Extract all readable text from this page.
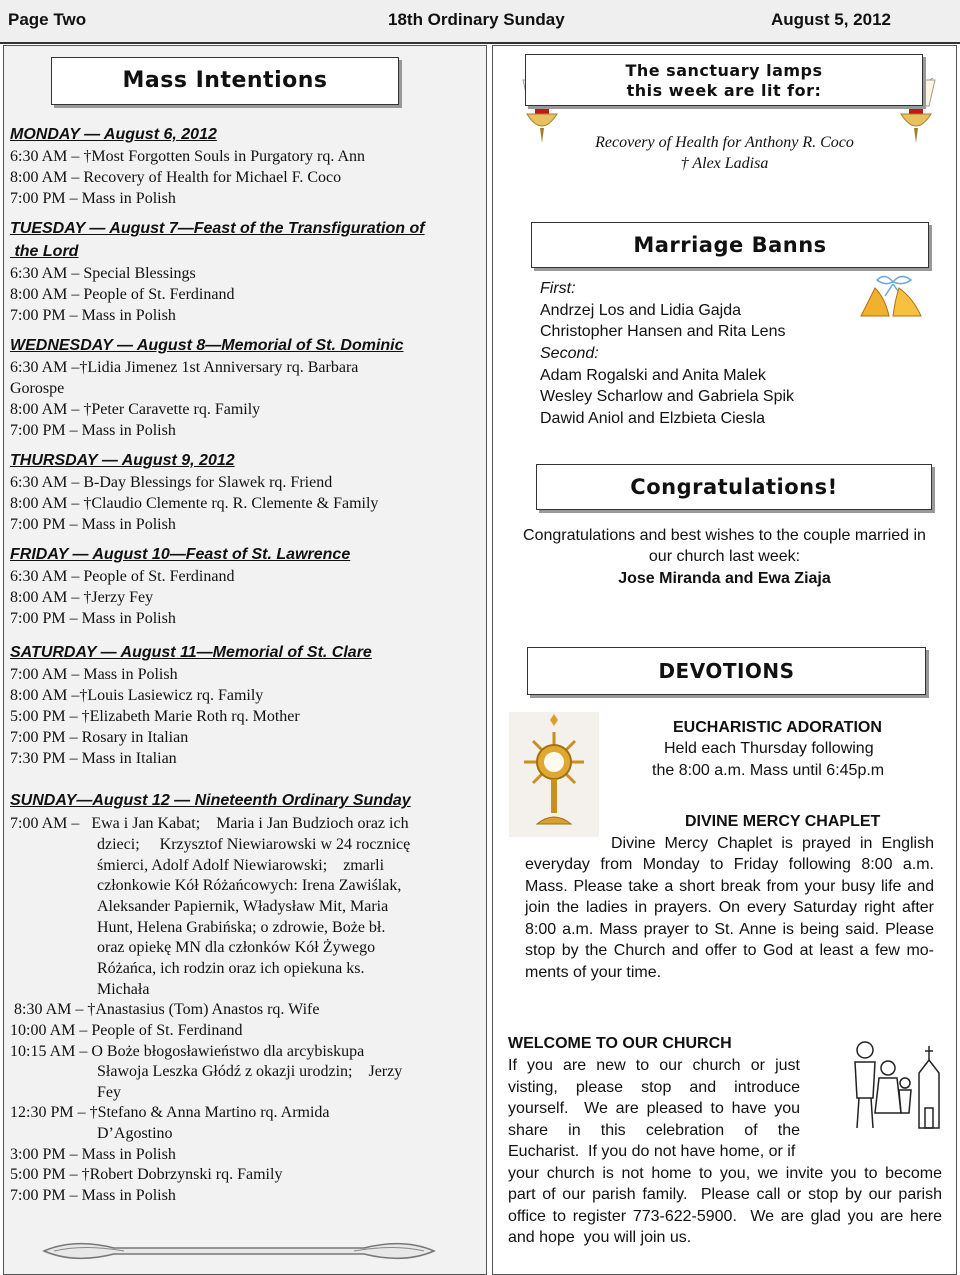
Page Two	18th Ordinary Sunday	August 5, 2012
Mass Intentions
MONDAY — August 6, 2012
6:30 AM – †Most Forgotten Souls in Purgatory rq. Ann
8:00 AM – Recovery of Health for Michael F. Coco
7:00 PM – Mass in Polish
TUESDAY — August 7—Feast of the Transfiguration of
the Lord
6:30 AM – Special Blessings
8:00 AM – People of St. Ferdinand
7:00 PM – Mass in Polish
WEDNESDAY — August 8—Memorial of St. Dominic
6:30 AM –†Lidia Jimenez 1st Anniversary rq. Barbara
Gorospe
8:00 AM – †Peter Caravette rq. Family
7:00 PM – Mass in Polish
THURSDAY — August 9, 2012
6:30 AM – B-Day Blessings for Slawek rq. Friend
8:00 AM – †Claudio Clemente rq. R. Clemente & Family
7:00 PM – Mass in Polish
FRIDAY — August 10—Feast of St. Lawrence
6:30 AM – People of St. Ferdinand
8:00 AM – †Jerzy Fey
7:00 PM – Mass in Polish
SATURDAY — August 11—Memorial of St. Clare
7:00 AM – Mass in Polish
8:00 AM –†Louis Lasiewicz rq. Family
5:00 PM – †Elizabeth Marie Roth rq. Mother
7:00 PM – Rosary in Italian
7:30 PM – Mass in Italian
SUNDAY—August 12 — Nineteenth Ordinary Sunday
7:00 AM –   Ewa i Jan Kabat;    Maria i Jan Budzioch oraz ich
dzieci;     Krzysztof Niewiarowski w 24 rocznicę
śmierci, Adolf Adolf Niewiarowski;    zmarli
członkowie Kół Różańcowych: Irena Zawiślak,
Aleksander Papiernik, Władysław Mit, Maria
Hunt, Helena Grabińska; o zdrowie, Boże bł.
oraz opiekę MN dla członków Kół Żywego
Różańca, ich rodzin oraz ich opiekuna ks.
Michała
8:30 AM – †Anastasius (Tom) Anastos rq. Wife
10:00 AM – People of St. Ferdinand
10:15 AM – O Boże błogosławieństwo dla arcybiskupa
Sławoja Leszka Głódź z okazji urodzin;    Jerzy
Fey
12:30 PM – †Stefano & Anna Martino rq. Armida
D’Agostino
3:00 PM – Mass in Polish
5:00 PM – †Robert Dobrzynski rq. Family
7:00 PM – Mass in Polish
The sanctuary lamps
this week are lit for:
Recovery of Health for Anthony R. Coco
† Alex Ladisa
Marriage Banns
First:
Andrzej Los and Lidia Gajda
Christopher Hansen and Rita Lens
Second:
Adam Rogalski and Anita Malek
Wesley Scharlow and Gabriela Spik
Dawid Aniol and Elzbieta Ciesla
Congratulations!
Congratulations and best wishes to the couple married in
our church last week:
Jose Miranda and Ewa Ziaja
DEVOTIONS
EUCHARISTIC ADORATION
Held each Thursday following
the 8:00 a.m. Mass until 6:45p.m
DIVINE MERCY CHAPLET
Divine Mercy Chaplet is prayed in English
everyday from Monday to Friday following 8:00 a.m.
Mass. Please take a short break from your busy life and
join the ladies in prayers. On every Saturday right after
8:00 a.m. Mass prayer to St. Anne is being said. Please
stop by the Church and offer to God at least a few mo-
ments of your time.
WELCOME TO OUR CHURCH
If you are new to our church or just
visting, please stop and introduce
yourself.  We are pleased to have you
share  in  this  celebration  of  the
Eucharist.  If you do not have home, or if
your church is not home to you, we invite you to become
part of our parish family.  Please call or stop by our parish
office to register 773-622-5900.  We are glad you are here
and hope  you will join us.
